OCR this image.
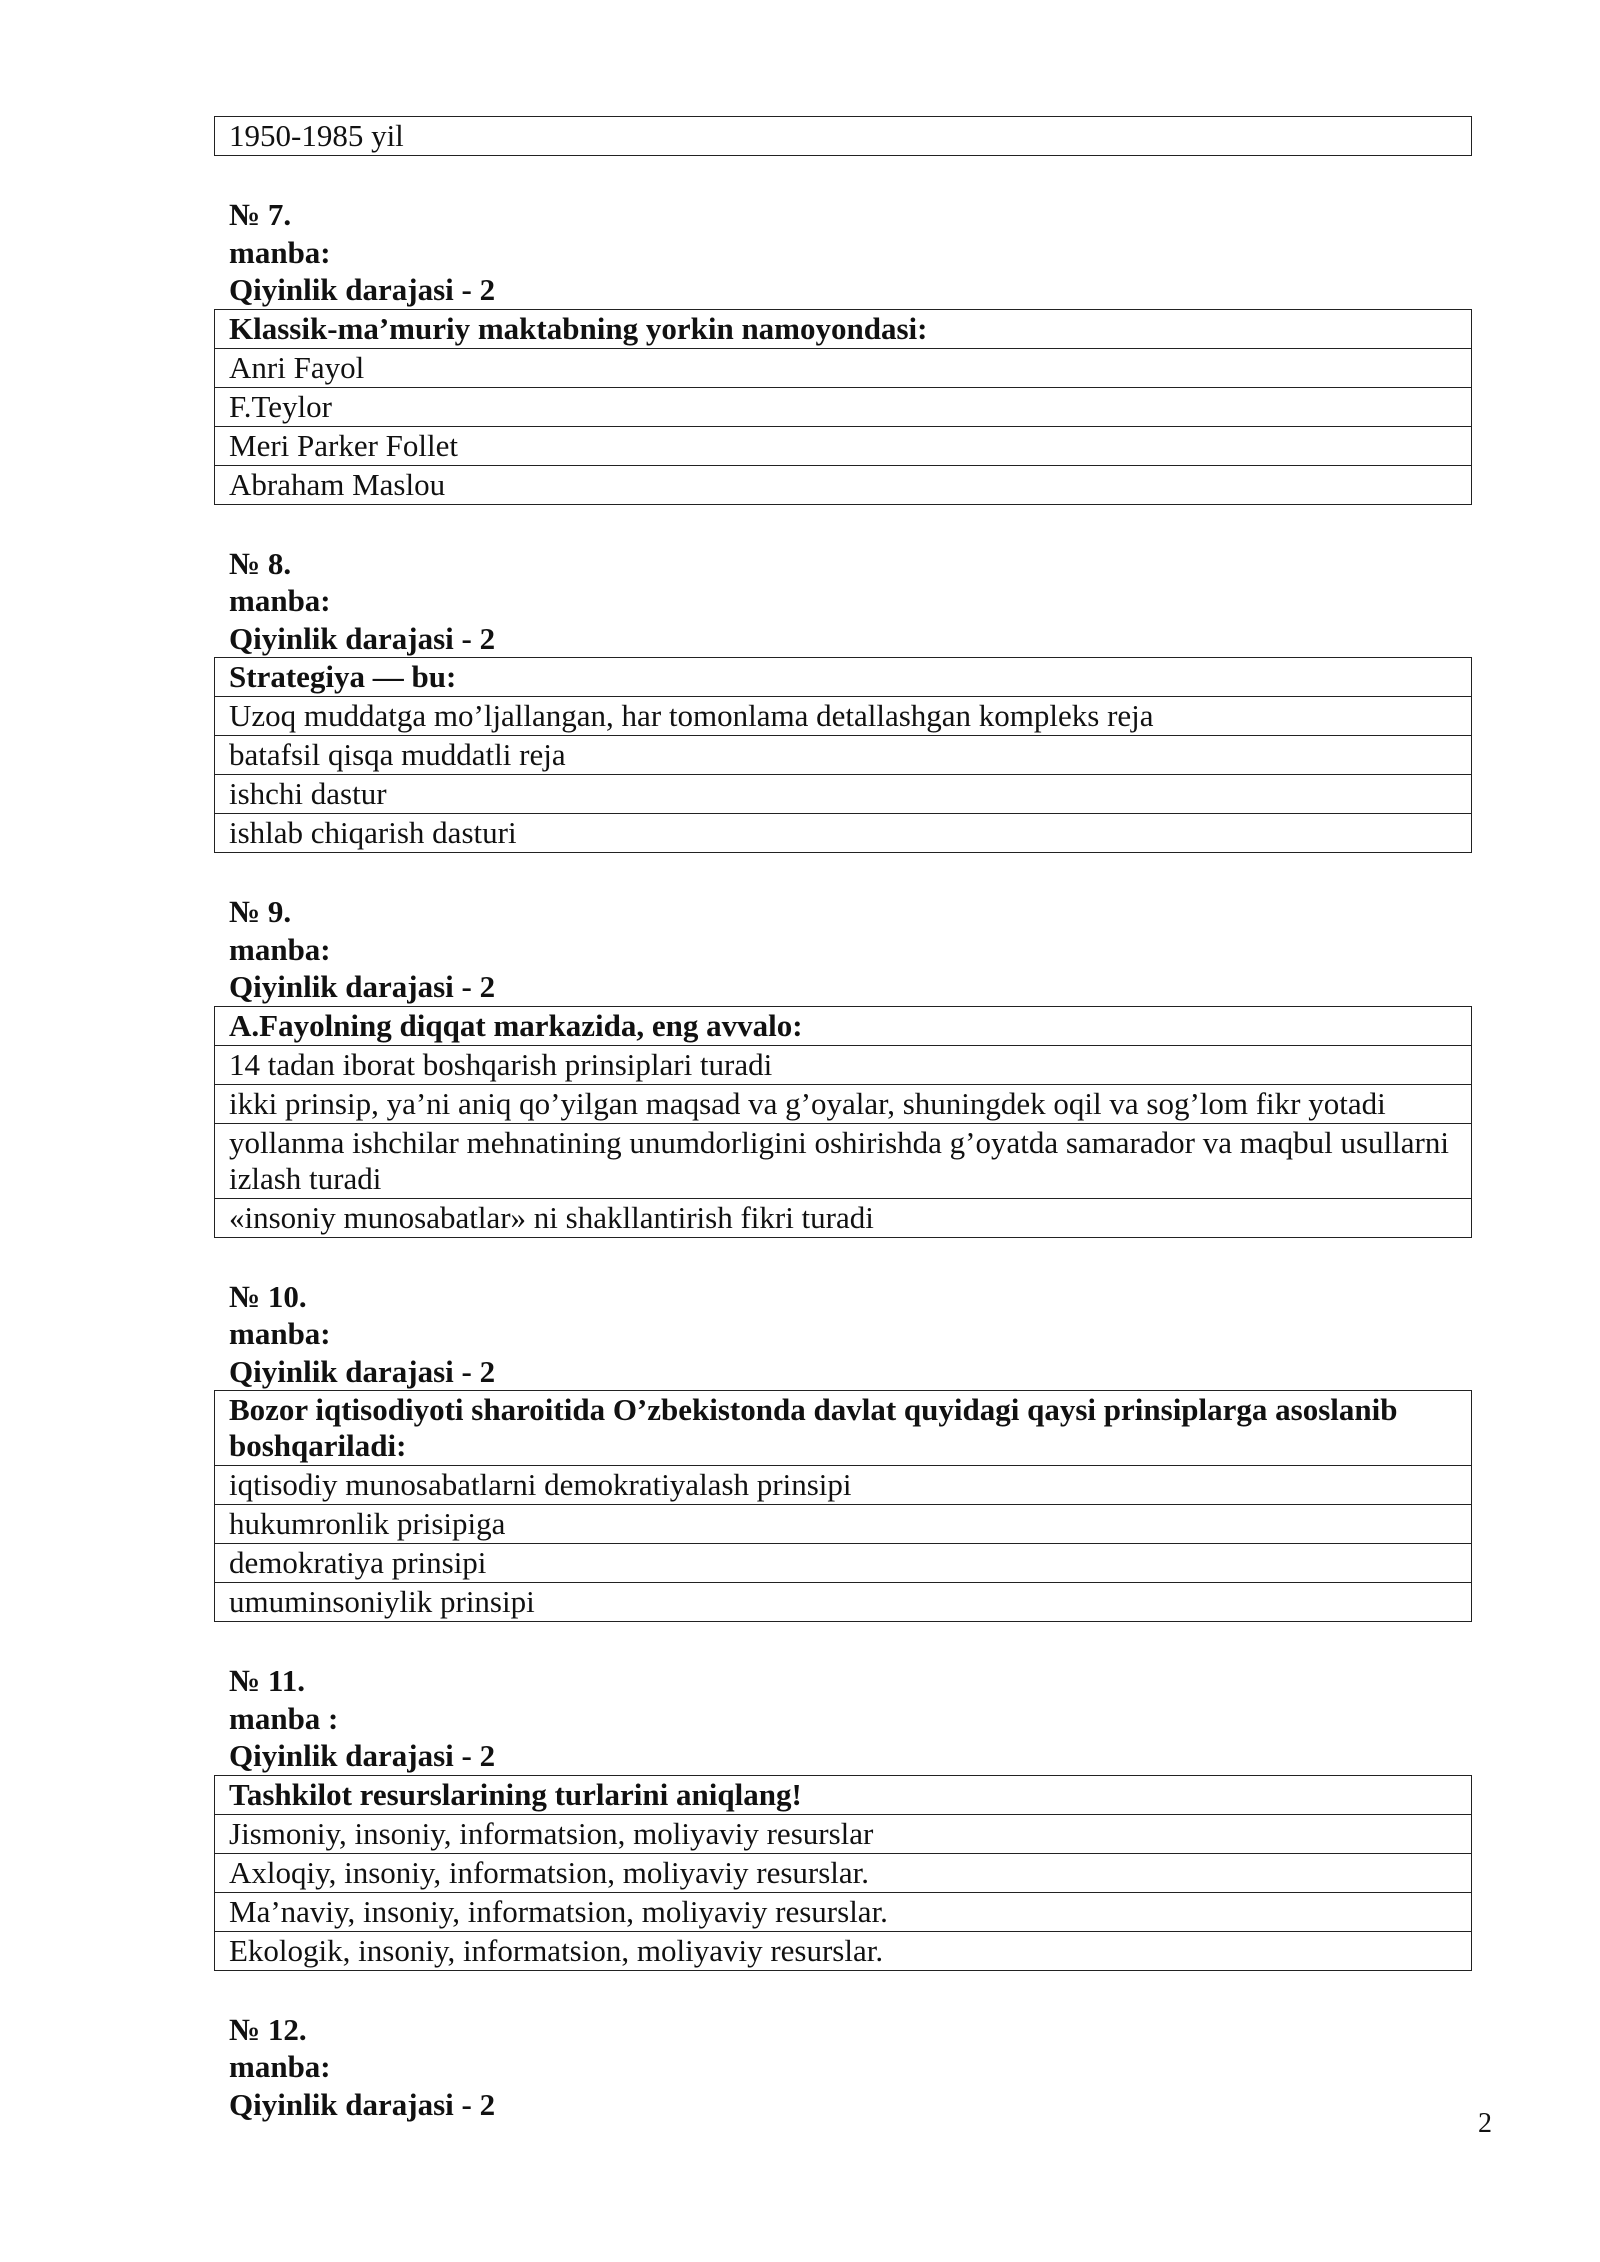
1950-1985 yil
№ 7.
manba:
Qiyinlik darajasi - 2
Klassik-ma’muriy maktabning yorkin namoyondasi:
Anri Fayol
F.Teylor
Meri Parker Follet
Abraham Maslou
№ 8.
manba:
Qiyinlik darajasi - 2
Strategiya — bu:
Uzoq muddatga mo’ljallangan, har tomonlama detallashgan kompleks reja
batafsil qisqa muddatli reja
ishchi dastur
ishlab chiqarish dasturi
№ 9.
manba:
Qiyinlik darajasi - 2
A.Fayolning diqqat markazida, eng avvalo:
14 tadan iborat boshqarish prinsiplari turadi
ikki prinsip, ya’ni aniq qo’yilgan maqsad va g’oyalar, shuningdek oqil va sog’lom fikr yotadi
yollanma ishchilar mehnatining unumdorligini oshirishda g’oyatda samarador va maqbul usullarni izlash turadi
«insoniy munosabatlar» ni shakllantirish fikri turadi
№ 10.
manba:
Qiyinlik darajasi - 2
Bozor iqtisodiyoti sharoitida O’zbekistonda davlat quyidagi qaysi prinsiplarga asoslanib boshqariladi:
iqtisodiy munosabatlarni demokratiyalash prinsipi
hukumronlik prisipiga
demokratiya prinsipi
umuminsoniylik prinsipi
№ 11.
manba :
Qiyinlik darajasi - 2
Tashkilot resurslarining turlarini aniqlang!
Jismoniy, insoniy, informatsion, moliyaviy resurslar
Axloqiy, insoniy, informatsion, moliyaviy resurslar.
Ma’naviy, insoniy, informatsion, moliyaviy resurslar.
Ekologik, insoniy, informatsion, moliyaviy resurslar.
№ 12.
manba:
Qiyinlik darajasi - 2
2
